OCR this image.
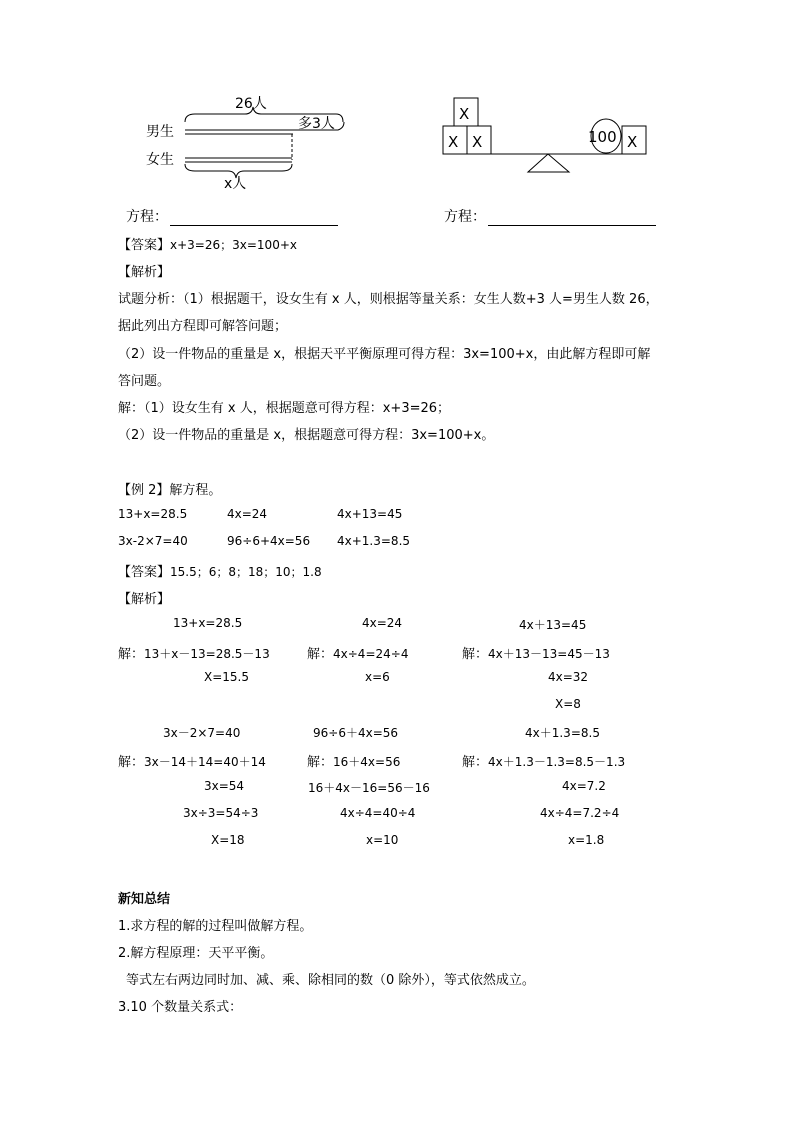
26人
男生	多3人
女生
x人
X
X X	100 X
方程：	方程：
【答案】x+3=26；3x=100+x
【解析】
试题分析：（1）根据题干，设女生有 x 人，则根据等量关系：女生人数+3 人=男生人数 26，
据此列出方程即可解答问题；
（2）设一件物品的重量是 x，根据天平平衡原理可得方程：3x=100+x，由此解方程即可解
答问题。
解：（1）设女生有 x 人，根据题意可得方程：x+3=26；
（2）设一件物品的重量是 x，根据题意可得方程：3x=100+x。
【例 2】解方程。
13+x=28.5	4x=24	4x+13=45
3x-2×7=40	96÷6+4x=56 4x+1.3=8.5
【答案】15.5；6；8；18；10；1.8
【解析】
13+x=28.5
解：13＋x－13=28.5－13
X=15.5
4x=24
解：4x÷4=24÷4
x=6
4x＋13=45
解：4x＋13－13=45－13
4x=32
X=8
3x－2×7=40
解：3x－14＋14=40＋14
3x=54
3x÷3=54÷3
X=18
96÷6＋4x=56
解：16＋4x=56
16＋4x－16=56－16
4x÷4=40÷4
x=10
4x＋1.3=8.5
解：4x＋1.3－1.3=8.5－1.3
4x=7.2
4x÷4=7.2÷4
x=1.8
新知总结
1.求方程的解的过程叫做解方程。
2.解方程原理：天平平衡。
等式左右两边同时加、减、乘、除相同的数（0 除外），等式依然成立。
3.10 个数量关系式：
